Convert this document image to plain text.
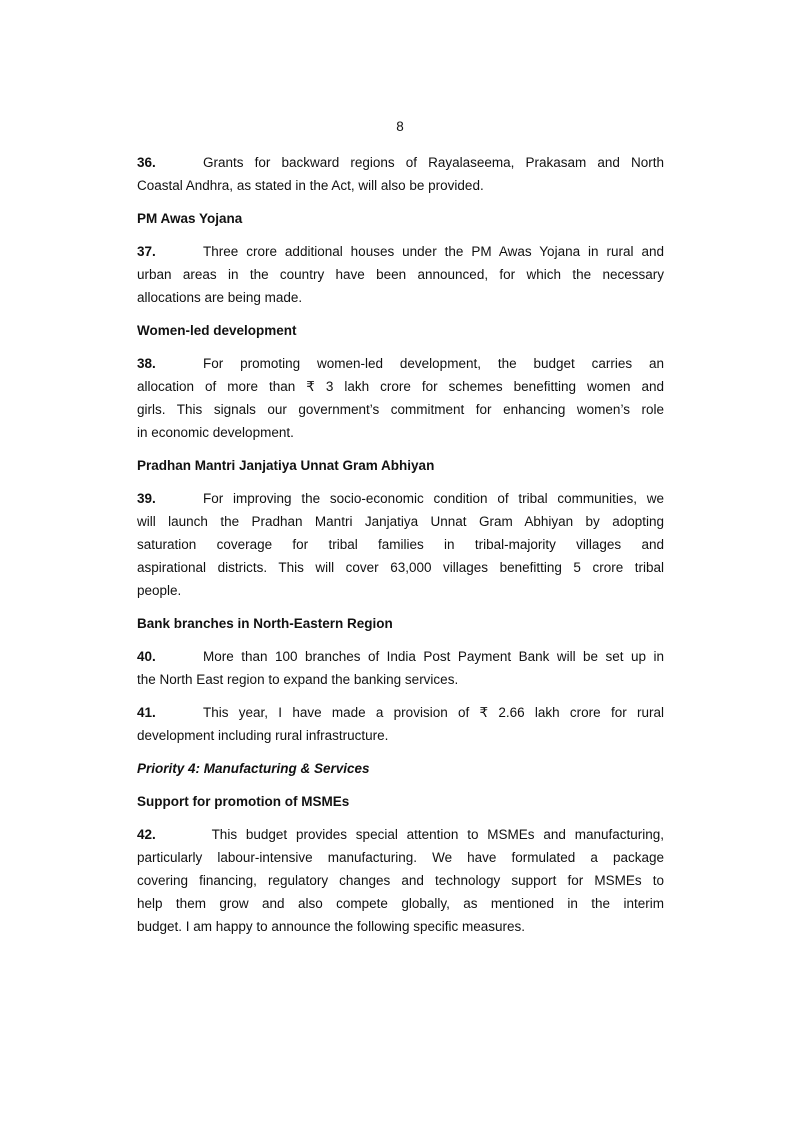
8
36.	Grants for backward regions of Rayalaseema, Prakasam and North
Coastal Andhra, as stated in the Act, will also be provided.
PM Awas Yojana
37.	Three crore additional houses under the PM Awas Yojana in rural and
urban areas in the country have been announced, for which the necessary
allocations are being made.
Women-led development
38.	For promoting women-led development, the budget carries an
allocation of more than ₹ 3 lakh crore for schemes benefitting women and
girls. This signals our government’s commitment for enhancing women’s role
in economic development.
Pradhan Mantri Janjatiya Unnat Gram Abhiyan
39.	For improving the socio-economic condition of tribal communities, we
will launch the Pradhan Mantri Janjatiya Unnat Gram Abhiyan by adopting
saturation coverage for tribal families in tribal-majority villages and
aspirational districts. This will cover 63,000 villages benefitting 5 crore tribal
people.
Bank branches in North-Eastern Region
40.	More than 100 branches of India Post Payment Bank will be set up in
the North East region to expand the banking services.
41.	This year, I have made a provision of ₹ 2.66 lakh crore for rural
development including rural infrastructure.
Priority 4: Manufacturing & Services
Support for promotion of MSMEs
42.	This budget provides special attention to MSMEs and manufacturing,
particularly labour-intensive manufacturing. We have formulated a package
covering financing, regulatory changes and technology support for MSMEs to
help them grow and also compete globally, as mentioned in the interim
budget. I am happy to announce the following specific measures.
